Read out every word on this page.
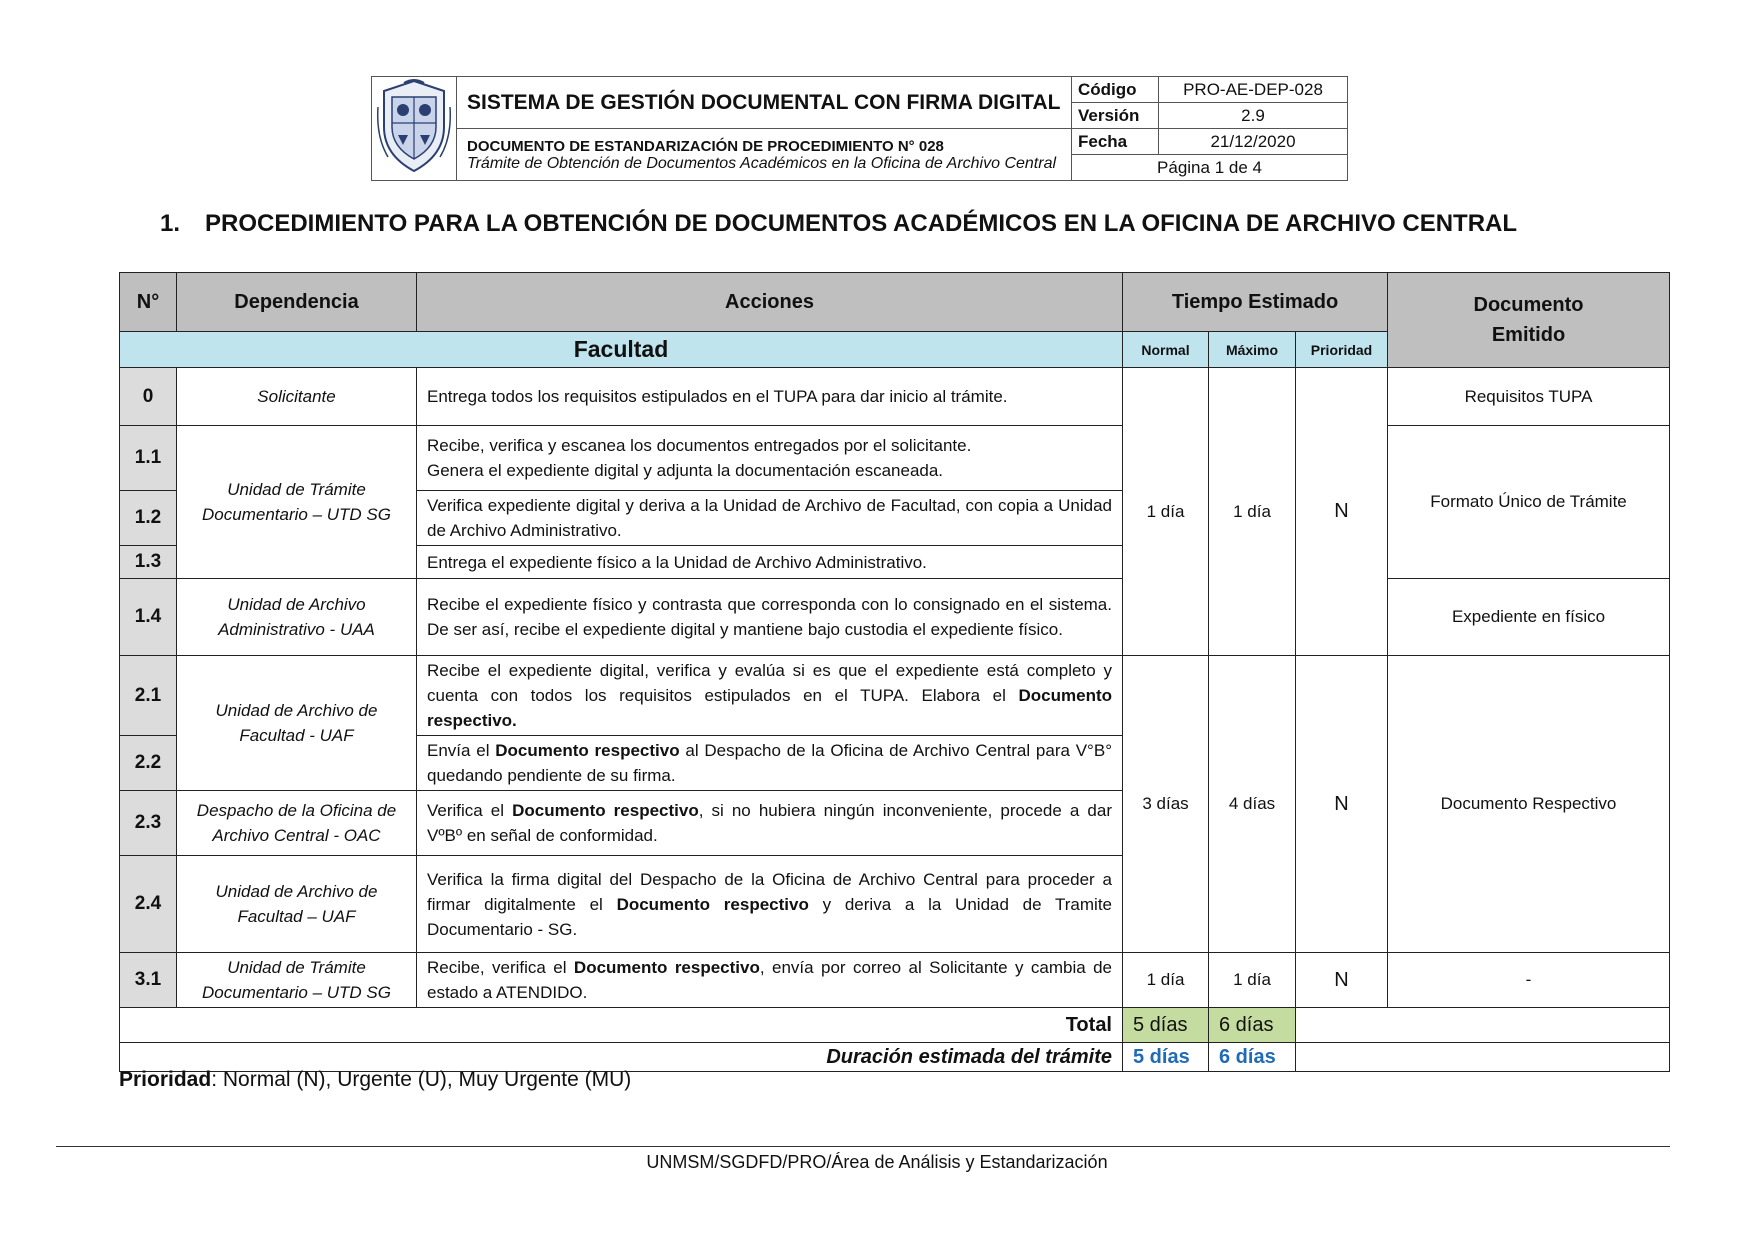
	SISTEMA DE GESTIÓN DOCUMENTAL CON FIRMA DIGITAL	Código	PRO-AE-DEP-028
		Versión	2.9
	DOCUMENTO DE ESTANDARIZACIÓN DE PROCEDIMIENTO N° 028	Fecha	21/12/2020
	Trámite de Obtención de Documentos Académicos en la Oficina de Archivo Central	Página 1 de 4	
1. PROCEDIMIENTO PARA LA OBTENCIÓN DE DOCUMENTOS ACADÉMICOS EN LA OFICINA DE ARCHIVO CENTRAL
N°	Dependencia	Acciones	Tiempo Estimado			Documento Emitido
Facultad			Normal	Máximo	Prioridad	
0	Solicitante	Entrega todos los requisitos estipulados en el TUPA para dar inicio al trámite.	1 día	1 día	N	Requisitos TUPA
1.1	Unidad de Trámite Documentario – UTD SG	Recibe, verifica y escanea los documentos entregados por el solicitante.
Genera el expediente digital y adjunta la documentación escaneada.				Formato Único de Trámite
1.2		Verifica expediente digital y deriva a la Unidad de Archivo de Facultad, con copia a Unidad de Archivo Administrativo.				
1.3		Entrega el expediente físico a la Unidad de Archivo Administrativo.				
1.4	Unidad de Archivo Administrativo - UAA	Recibe el expediente físico y contrasta que corresponda con lo consignado en el sistema. De ser así, recibe el expediente digital y mantiene bajo custodia el expediente físico.				Expediente en físico
2.1	Unidad de Archivo de Facultad - UAF	Recibe el expediente digital, verifica y evalúa si es que el expediente está completo y cuenta con todos los requisitos estipulados en el TUPA. Elabora el Documento respectivo.	3 días	4 días	N	Documento Respectivo
2.2		Envía el Documento respectivo al Despacho de la Oficina de Archivo Central para V°B° quedando pendiente de su firma.				
2.3	Despacho de la Oficina de Archivo Central - OAC	Verifica el Documento respectivo, si no hubiera ningún inconveniente, procede a dar VºBº en señal de conformidad.				
2.4	Unidad de Archivo de Facultad – UAF	Verifica la firma digital del Despacho de la Oficina de Archivo Central para proceder a firmar digitalmente el Documento respectivo y deriva a la Unidad de Tramite Documentario - SG.				
3.1	Unidad de Trámite Documentario – UTD SG	Recibe, verifica el Documento respectivo, envía por correo al Solicitante y cambia de estado a ATENDIDO.	1 día	1 día	N	-
Total			5 días	6 días		
Duración estimada del trámite			5 días	6 días		
Prioridad: Normal (N), Urgente (U), Muy Urgente (MU)
UNMSM/SGDFD/PRO/Área de Análisis y Estandarización
